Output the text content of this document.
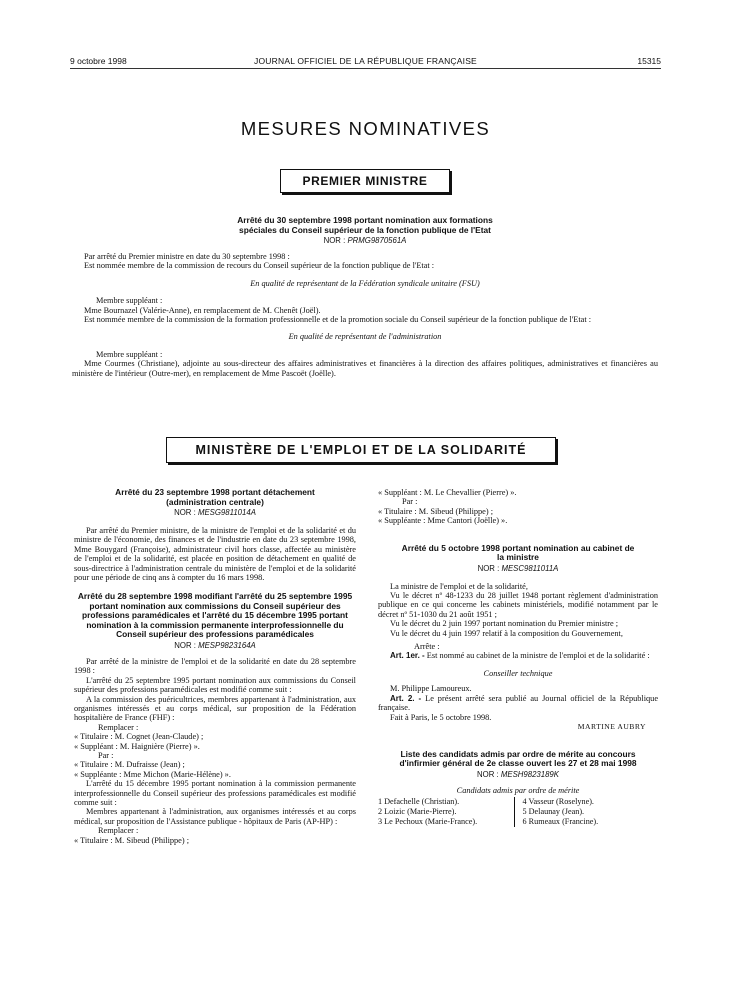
9 octobre 1998	JOURNAL OFFICIEL DE LA RÉPUBLIQUE FRANÇAISE	15315
MESURES NOMINATIVES
PREMIER MINISTRE
Arrêté du 30 septembre 1998 portant nomination aux formations spéciales du Conseil supérieur de la fonction publique de l'Etat
NOR : PRMG9870561A

Par arrêté du Premier ministre en date du 30 septembre 1998 :

Est nommée membre de la commission de recours du Conseil supérieur de la fonction publique de l'Etat :

En qualité de représentant de la Fédération syndicale unitaire (FSU)

Membre suppléant :

Mme Bournazel (Valérie-Anne), en remplacement de M. Chenêt (Joël).

Est nommée membre de la commission de la formation professionnelle et de la promotion sociale du Conseil supérieur de la fonction publique de l'Etat :

En qualité de représentant de l'administration

Membre suppléant :

Mme Courmes (Christiane), adjointe au sous-directeur des affaires administratives et financières à la direction des affaires politiques, administratives et financières au ministère de l'intérieur (Outre-mer), en remplacement de Mme Pascoët (Joëlle).

MINISTÈRE DE L'EMPLOI ET DE LA SOLIDARITÉ
Arrêté du 23 septembre 1998 portant détachement (administration centrale)
NOR : MESG9811014A

Par arrêté du Premier ministre, de la ministre de l'emploi et de la solidarité et du ministre de l'économie, des finances et de l'industrie en date du 23 septembre 1998, Mme Bouygard (Françoise), administrateur civil hors classe, affectée au ministère de l'emploi et de la solidarité, est placée en position de détachement en qualité de sous-directrice à l'administration centrale du ministère de l'emploi et de la solidarité pour une période de cinq ans à compter du 16 mars 1998.

Arrêté du 28 septembre 1998 modifiant l'arrêté du 25 septembre 1995 portant nomination aux commissions du Conseil supérieur des professions paramédicales et l'arrêté du 15 décembre 1995 portant nomination à la commission permanente interprofessionnelle du Conseil supérieur des professions paramédicales
NOR : MESP9823164A

Par arrêté de la ministre de l'emploi et de la solidarité en date du 28 septembre 1998 :

L'arrêté du 25 septembre 1995 portant nomination aux commissions du Conseil supérieur des professions paramédicales est modifié comme suit :

A la commission des puéricultrices, membres appartenant à l'administration, aux organismes intéressés et au corps médical, sur proposition de la Fédération hospitalière de France (FHF) :

Remplacer :

« Titulaire : M. Cognet (Jean-Claude) ;

« Suppléant : M. Haignière (Pierre) ».

Par :

« Titulaire : M. Dufraisse (Jean) ;

« Suppléante : Mme Michon (Marie-Hélène) ».

L'arrêté du 15 décembre 1995 portant nomination à la commission permanente interprofessionnelle du Conseil supérieur des professions paramédicales est modifié comme suit :

Membres appartenant à l'administration, aux organismes intéressés et au corps médical, sur proposition de l'Assistance publique - hôpitaux de Paris (AP-HP) :

Remplacer :

« Titulaire : M. Sibeud (Philippe) ;

« Suppléant : M. Le Chevallier (Pierre) ».

Par :

« Titulaire : M. Sibeud (Philippe) ;

« Suppléante : Mme Cantori (Joëlle) ».

Arrêté du 5 octobre 1998 portant nomination au cabinet de la ministre
NOR : MESC9811011A

La ministre de l'emploi et de la solidarité,

Vu le décret nº 48-1233 du 28 juillet 1948 portant règlement d'administration publique en ce qui concerne les cabinets ministériels, modifié notamment par le décret nº 51-1030 du 21 août 1951 ;

Vu le décret du 2 juin 1997 portant nomination du Premier ministre ;

Vu le décret du 4 juin 1997 relatif à la composition du Gouvernement,

Arrête :

Art. 1er. - Est nommé au cabinet de la ministre de l'emploi et de la solidarité :

Conseiller technique

M. Philippe Lamoureux.

Art. 2. - Le présent arrêté sera publié au Journal officiel de la République française.

Fait à Paris, le 5 octobre 1998.

MARTINE AUBRY

Liste des candidats admis par ordre de mérite au concours d'infirmier général de 2e classe ouvert les 27 et 28 mai 1998
NOR : MESH9823189K

Candidats admis par ordre de mérite

1 Defachelle (Christian).
2 Loizic (Marie-Pierre).
3 Le Pechoux (Marie-France).
4 Vasseur (Roselyne).
5 Delaunay (Jean).
6 Rumeaux (Francine).
